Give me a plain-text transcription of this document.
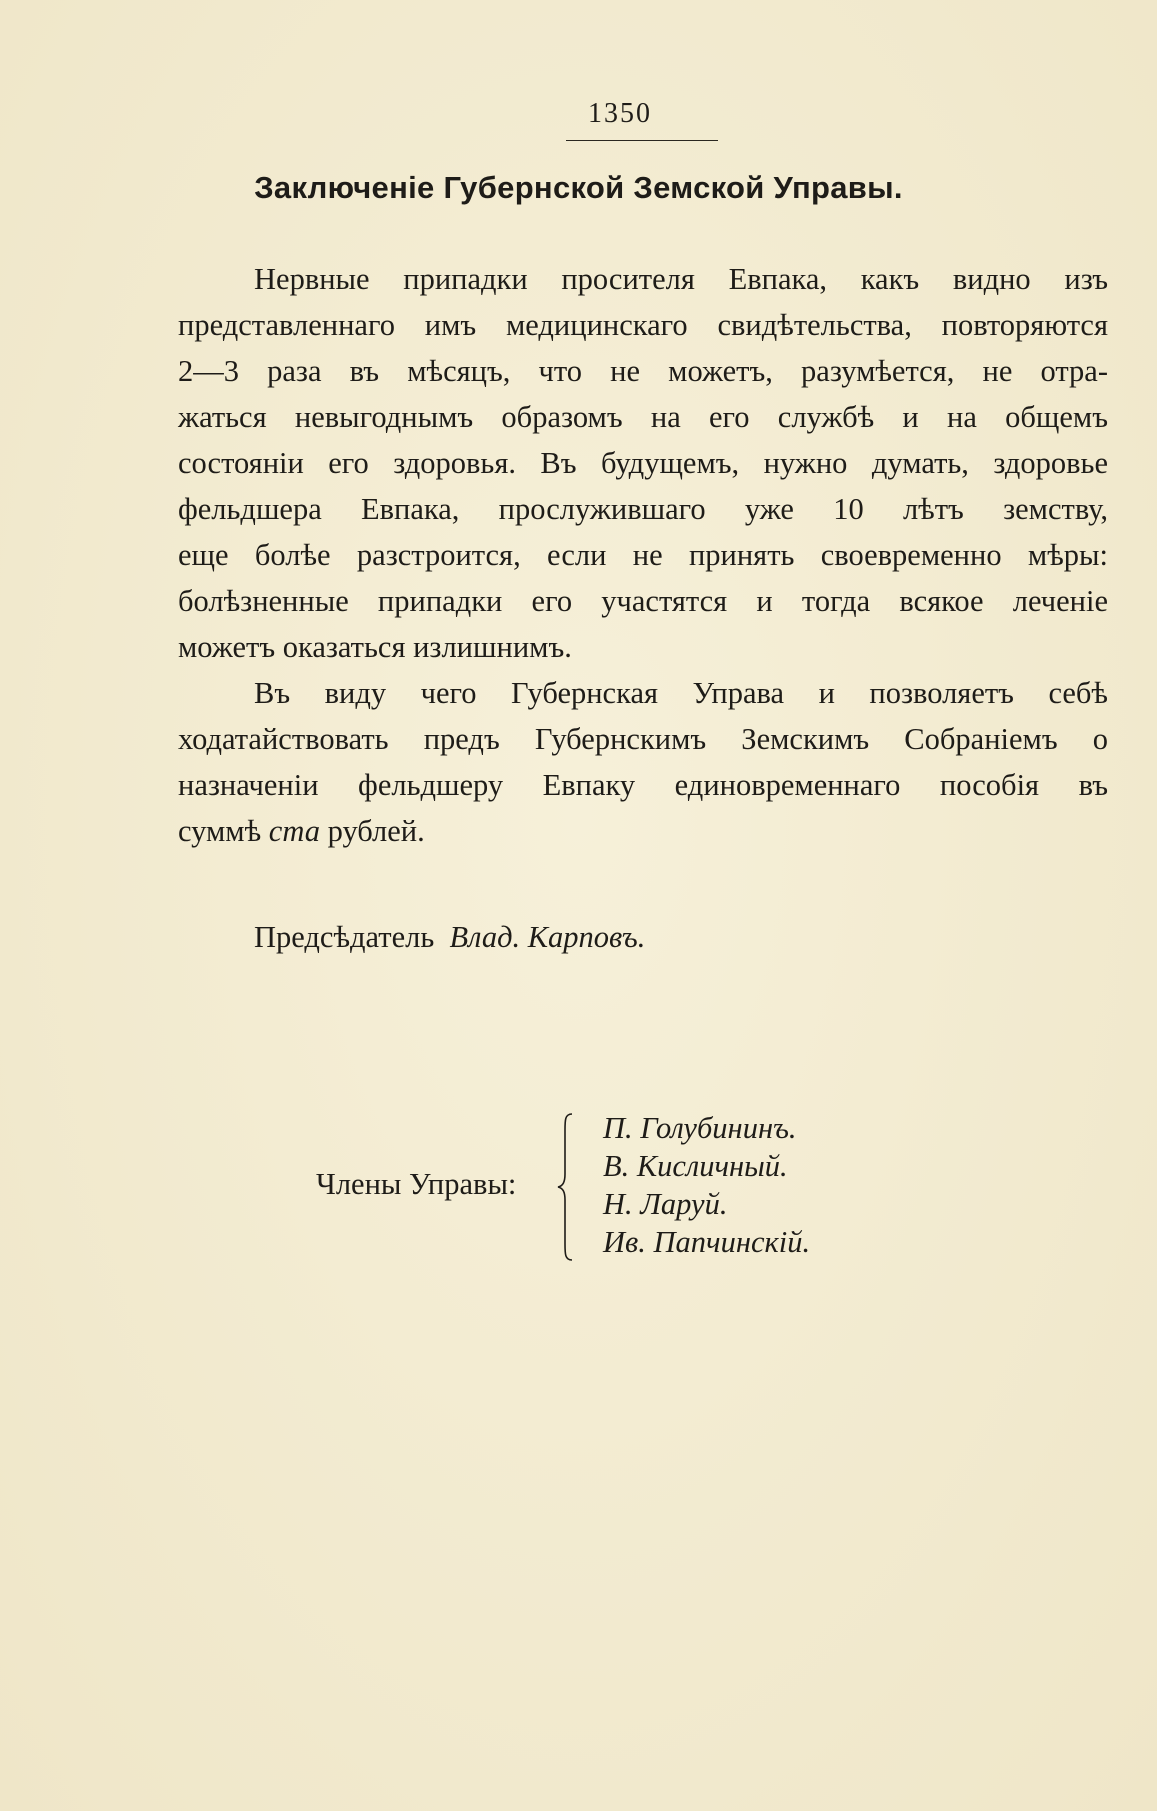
1350
Заключеніе Губернской Земской Управы.
Нервные припадки просителя Евпака, какъ видно изъ
представленнаго имъ медицинскаго свидѣтельства, повторяются
2—3 раза въ мѣсяцъ, что не можетъ, разумѣется, не отра-
жаться невыгоднымъ образомъ на его службѣ и на общемъ
состояніи его здоровья. Въ будущемъ, нужно думать, здоровье
фельдшера Евпака, прослужившаго уже 10 лѣтъ земству,
еще болѣе разстроится, если не принять своевременно мѣры:
болѣзненные припадки его участятся и тогда всякое леченіе
можетъ оказаться излишнимъ.
Въ виду чего Губернская Управа и позволяетъ себѣ
ходатайствовать предъ Губернскимъ Земскимъ Собраніемъ о
назначеніи фельдшеру Евпаку единовременнаго пособія въ
суммѣ ста рублей.
Предсѣдатель Влад. Карповъ.
Члены Управы:
П. Голубининъ.
В. Кисличный.
Н. Ларуй.
Ив. Папчинскій.
